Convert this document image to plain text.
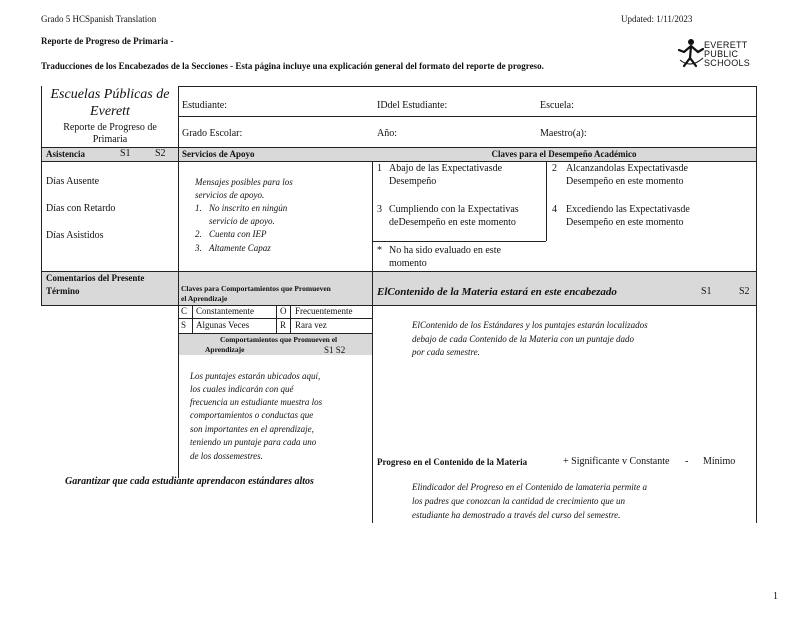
Grado 5 HCSpanish Translation	Updated: 1/11/2023
Reporte de Progreso de Primaria -
Traducciones de los Encabezados de la Secciones - Esta página incluye una explicación general del formato del reporte de progreso.
EVERETT
PUBLIC
SCHOOLS
Escuelas Públicas de
Everett
Reporte de Progreso de
Primaria
Estudiante:	IDdel Estudiante:	Escuela:
Grado Escolar:	Año:	Maestro(a):
Asistencia	S1 S2
Días Ausente
Días con Retardo
Días Asistidos
Servicios de Apoyo
Mensajes posibles para los
servicios de apoyo.
1. No inscrito en ningún
servicio de apoyo.
2. Cuenta con IEP
3. Altamente Capaz
Claves para el Desempeño Académico
1 Abajo de las Expectativasde
Desempeño
2 Alcanzandolas Expectativasde
Desempeño en este momento
3 Cumpliendo con la Expectativas
deDesempeño en este momento
4 Excediendo las Expectativasde
Desempeño en este momento
* No ha sido evaluado en este
momento
Comentarios del Presente
Término	Claves para Comportamientos que Promueven
el Aprendizaje
C Constantemente	O Frecuentemente
S Algunas Veces	R Rara vez
Comportamientos que Promueven el
Aprendizaje	S1 S2
Los puntajes estarán ubicados aquí,
los cuales indicarán con qué
frecuencia un estudiante muestra los
comportamientos o conductas que
son importantes en el aprendizaje,
teniendo un puntaje para cada uno
de los dossemestres.
ElContenido de la Materia estará en este encabezado	S1	S2
ElContenido de los Estándares y los puntajes estarán localizados
debajo de cada Contenido de la Materia con un puntaje dado
por cada semestre.
Progreso en el Contenido de la Materia	+ Significante v Constante - Mínimo
Elindicador del Progreso en el Contenido de lamateria permite a
los padres que conozcan la cantidad de crecimiento que un
estudiante ha demostrado a través del curso del semestre.
Garantizar que cada estudiante aprendacon estándares altos
1
